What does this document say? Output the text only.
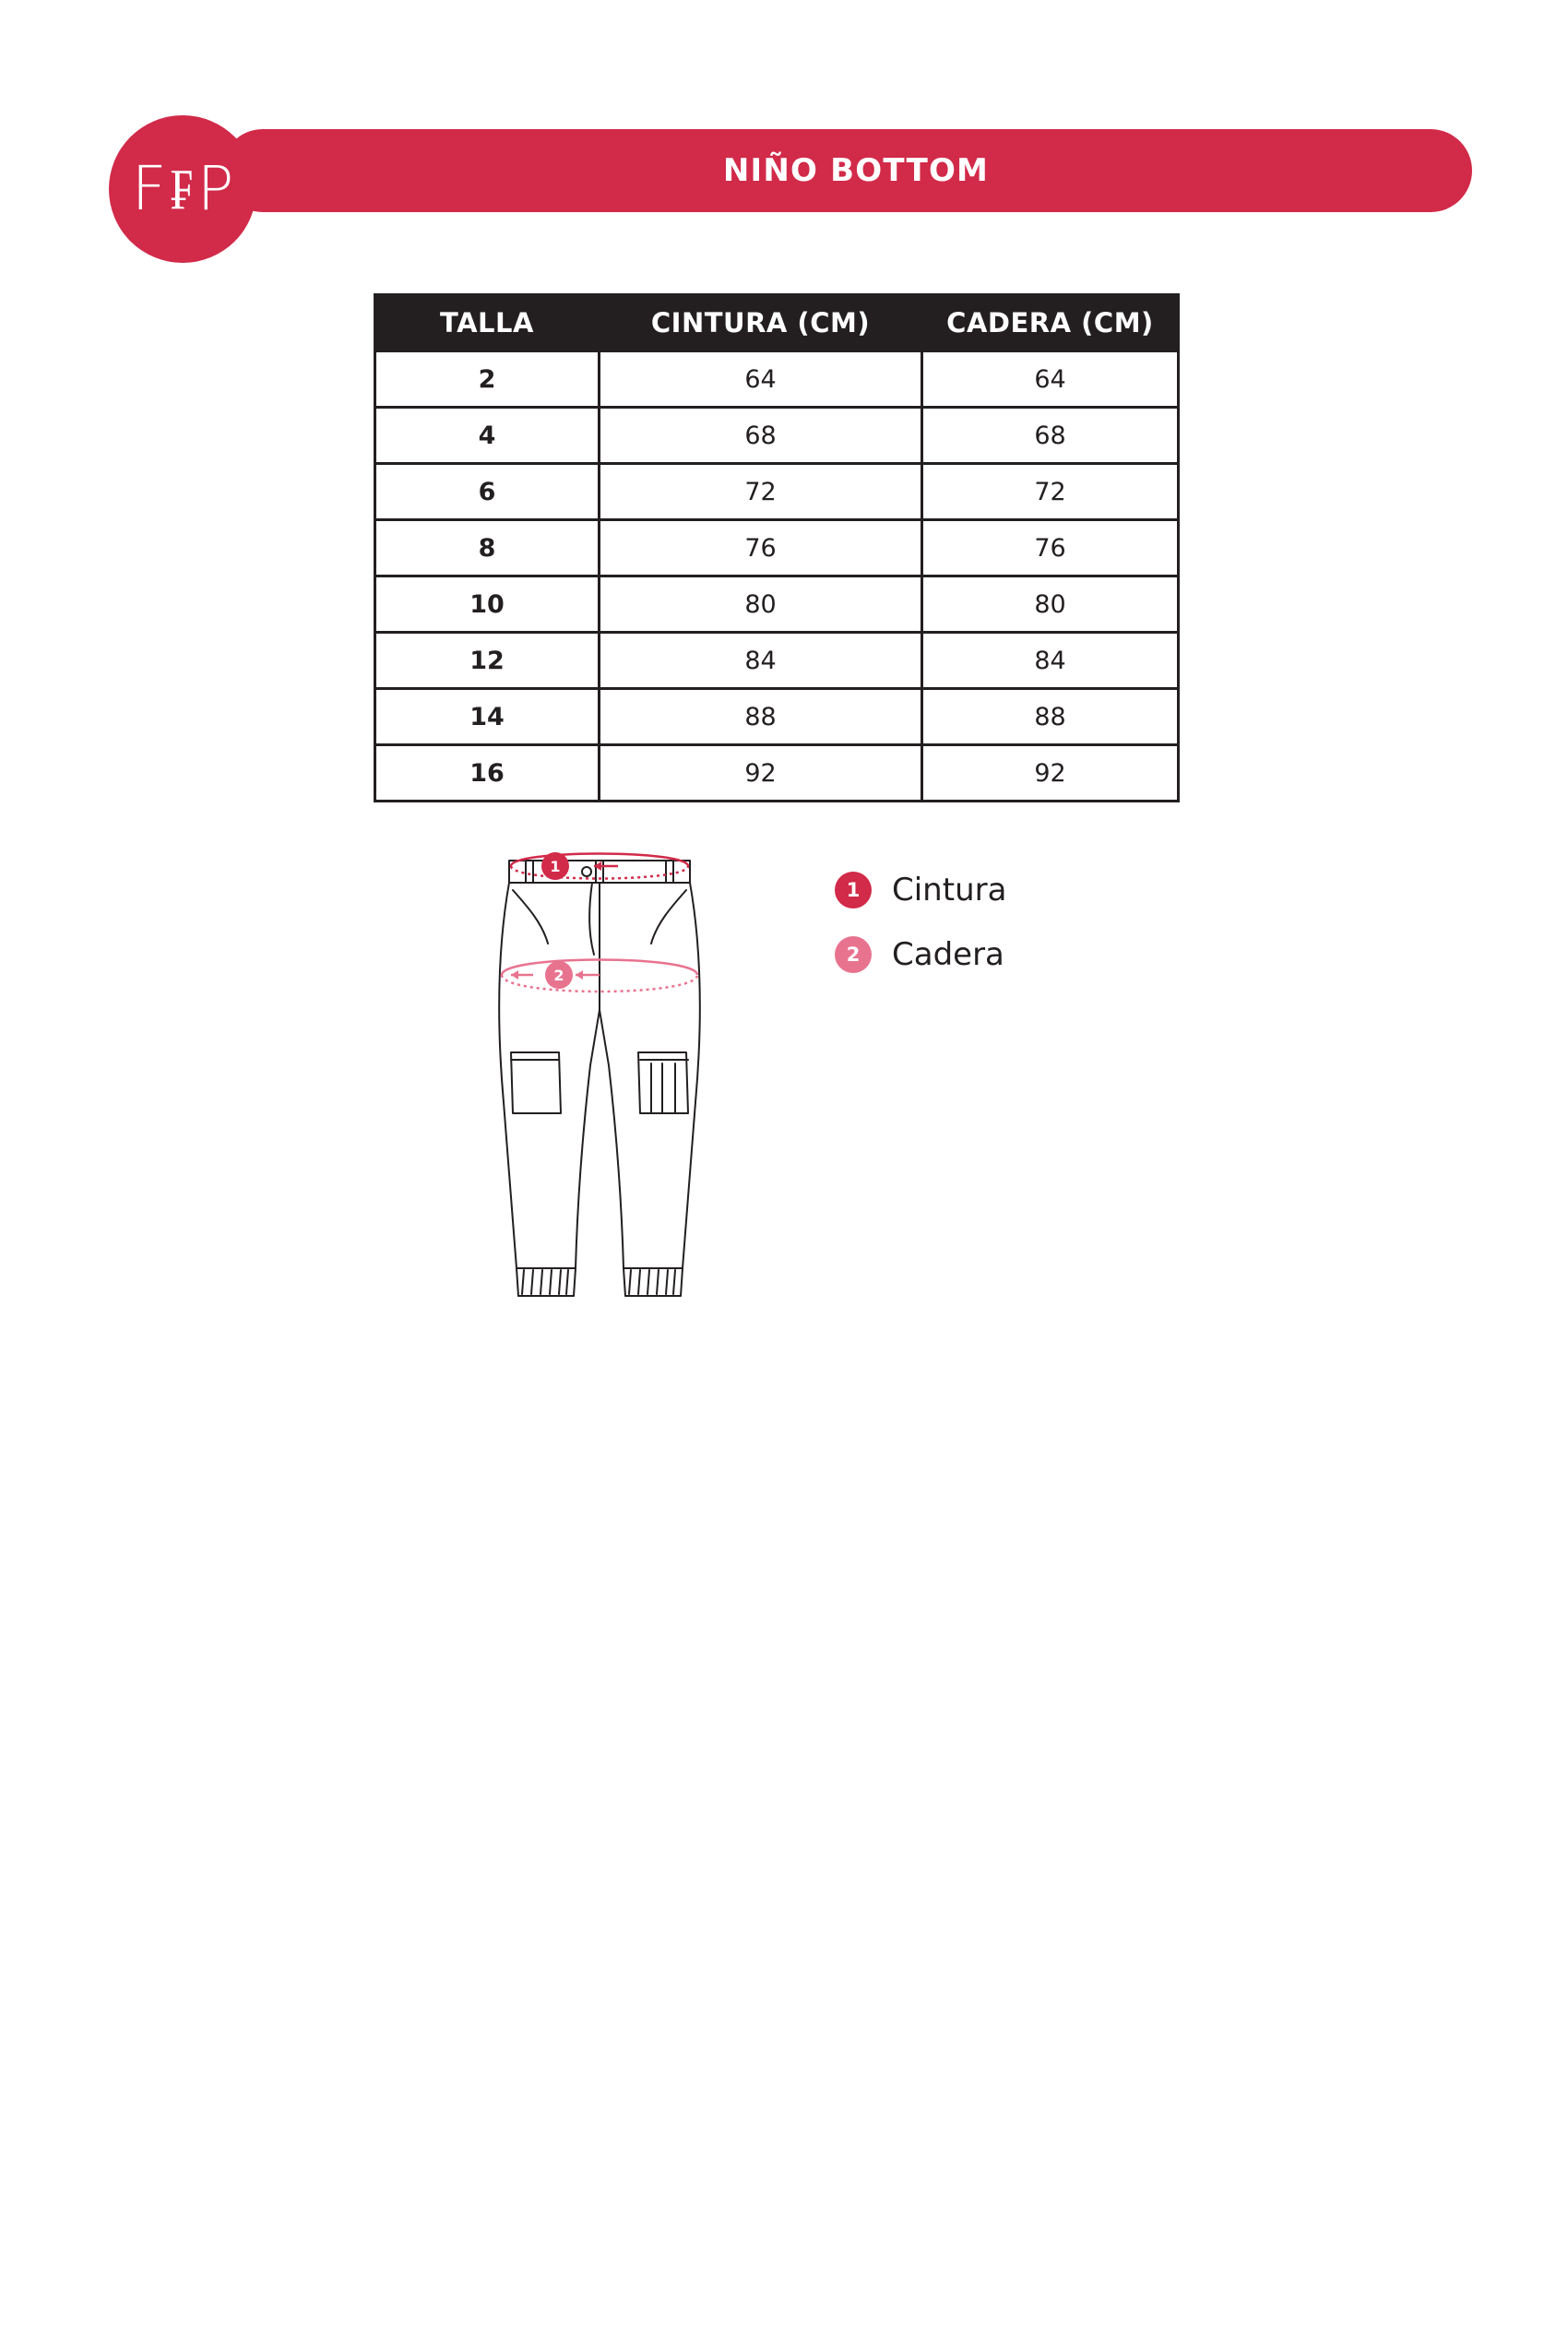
NIÑO BOTTOM
F ₣ P
TALLA	CINTURA (CM)	CADERA (CM)
2	64	64
4	68	68
6	72	72
8	76	76
10	80	80
12	84	84
14	88	88
16	92	92
1
2
1	Cintura
2	Cadera
